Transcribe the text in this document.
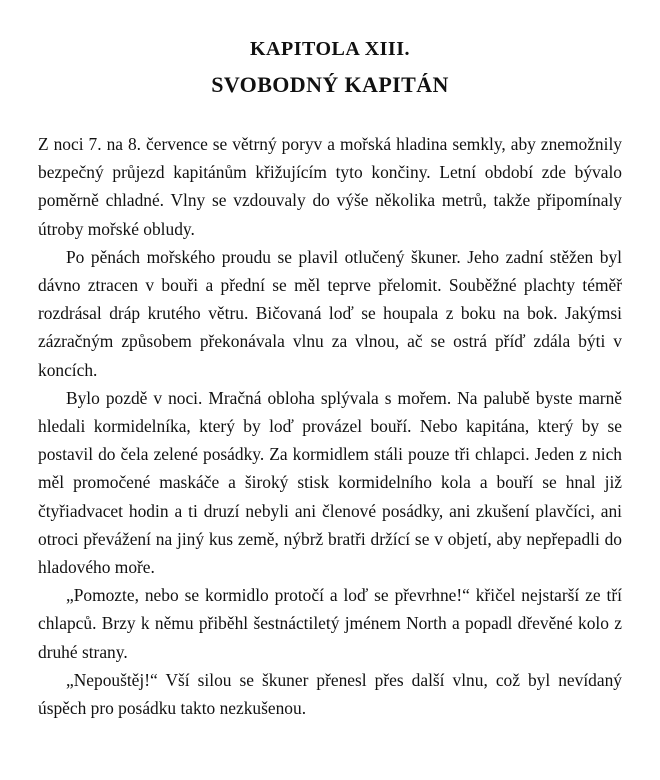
KAPITOLA XIII.
SVOBODNÝ KAPITÁN

Z noci 7. na 8. července se větrný poryv a mořská hladina semkly, aby znemožnily bezpečný průjezd kapitánům křižujícím tyto končiny. Letní období zde bývalo poměrně chladné. Vlny se vzdouvaly do výše několika metrů, takže připomínaly útroby mořské obludy.

Po pěnách mořského proudu se plavil otlučený škuner. Jeho zadní stěžen byl dávno ztracen v bouři a přední se měl teprve přelomit. Souběžné plachty téměř rozdrásal dráp krutého větru. Bičovaná loď se houpala z boku na bok. Jakýmsi zázračným způsobem překonávala vlnu za vlnou, ač se ostrá příď zdála býti v koncích.

Bylo pozdě v noci. Mračná obloha splývala s mořem. Na palubě byste marně hledali kormidelníka, který by loď provázel bouří. Nebo kapitána, který by se postavil do čela zelené posádky. Za kormidlem stáli pouze tři chlapci. Jeden z nich měl promočené maskáče a široký stisk kormidelního kola a bouří se hnal již čtyřiadvacet hodin a ti druzí nebyli ani členové posádky, ani zkušení plavčíci, ani otroci převážení na jiný kus země, nýbrž bratři držící se v objetí, aby nepřepadli do hladového moře.

„Pomozte, nebo se kormidlo protočí a loď se převrhne!“ křičel nejstarší ze tří chlapců. Brzy k němu přiběhl šestnáctiletý jménem North a popadl dřevěné kolo z druhé strany.

„Nepouštěj!“ Vší silou se škuner přenesl přes další vlnu, což byl nevídaný úspěch pro posádku takto nezkušenou.
